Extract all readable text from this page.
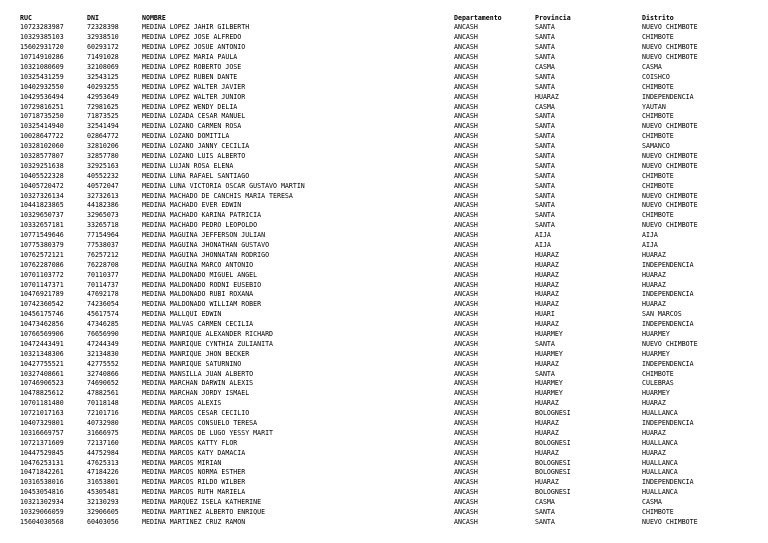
RUC	DNI	NOMBRE	Departamento	Provincia	Distrito
10723283987	72328398	MEDINA LOPEZ JAHIR GILBERTH	ANCASH	SANTA	NUEVO CHIMBOTE
10329385103	32938510	MEDINA LOPEZ JOSE ALFREDO	ANCASH	SANTA	CHIMBOTE
15602931720	60293172	MEDINA LOPEZ JOSUE ANTONIO	ANCASH	SANTA	NUEVO CHIMBOTE
10714910286	71491028	MEDINA LOPEZ MARIA PAULA	ANCASH	SANTA	NUEVO CHIMBOTE
10321080609	32108069	MEDINA LOPEZ ROBERTO JOSE	ANCASH	CASMA	CASMA
10325431259	32543125	MEDINA LOPEZ RUBEN DANTE	ANCASH	SANTA	COISHCO
10402932550	40293255	MEDINA LOPEZ WALTER JAVIER	ANCASH	SANTA	CHIMBOTE
10429536494	42953649	MEDINA LOPEZ WALTER JUNIOR	ANCASH	HUARAZ	INDEPENDENCIA
10729816251	72981625	MEDINA LOPEZ WENDY DELIA	ANCASH	CASMA	YAUTAN
10718735250	71873525	MEDINA LOZADA CESAR MANUEL	ANCASH	SANTA	CHIMBOTE
10325414940	32541494	MEDINA LOZANO CARMEN ROSA	ANCASH	SANTA	NUEVO CHIMBOTE
10028647722	02864772	MEDINA LOZANO DOMITILA	ANCASH	SANTA	CHIMBOTE
10328102060	32810206	MEDINA LOZANO JANNY CECILIA	ANCASH	SANTA	SAMANCO
10328577807	32857780	MEDINA LOZANO LUIS ALBERTO	ANCASH	SANTA	NUEVO CHIMBOTE
10329251638	32925163	MEDINA LUJAN ROSA ELENA	ANCASH	SANTA	NUEVO CHIMBOTE
10405522328	40552232	MEDINA LUNA RAFAEL SANTIAGO	ANCASH	SANTA	CHIMBOTE
10405720472	40572047	MEDINA LUNA VICTORIA OSCAR GUSTAVO MARTIN	ANCASH	SANTA	CHIMBOTE
10327326134	32732613	MEDINA MACHADO DE CANCHIS MARIA TERESA	ANCASH	SANTA	NUEVO CHIMBOTE
10441823865	44182386	MEDINA MACHADO EVER EDWIN	ANCASH	SANTA	NUEVO CHIMBOTE
10329650737	32965073	MEDINA MACHADO KARINA PATRICIA	ANCASH	SANTA	CHIMBOTE
10332657181	33265718	MEDINA MACHADO PEDRO LEOPOLDO	ANCASH	SANTA	NUEVO CHIMBOTE
10771549646	77154964	MEDINA MAGUIÑA JEFFERSON JULIAN	ANCASH	AIJA	AIJA
10775380379	77538037	MEDINA MAGUIÑA JHONATHAN GUSTAVO	ANCASH	AIJA	AIJA
10762572121	76257212	MEDINA MAGUIÑA JHONNATAN RODRIGO	ANCASH	HUARAZ	HUARAZ
10762287086	76228708	MEDINA MAGUIÑA MARCO ANTONIO	ANCASH	HUARAZ	INDEPENDENCIA
10701103772	70110377	MEDINA MALDONADO MIGUEL ANGEL	ANCASH	HUARAZ	HUARAZ
10701147371	70114737	MEDINA MALDONADO RODNI EUSEBIO	ANCASH	HUARAZ	HUARAZ
10476921789	47692178	MEDINA MALDONADO RUBI ROXANA	ANCASH	HUARAZ	INDEPENDENCIA
10742360542	74236054	MEDINA MALDONADO WILLIAM ROBER	ANCASH	HUARAZ	HUARAZ
10456175746	45617574	MEDINA MALLQUI EDWIN	ANCASH	HUARI	SAN MARCOS
10473462856	47346285	MEDINA MALVAS CARMEN CECILIA	ANCASH	HUARAZ	INDEPENDENCIA
10766569906	76656990	MEDINA MANRIQUE ALEXANDER RICHARD	ANCASH	HUARMEY	HUARMEY
10472443491	47244349	MEDINA MANRIQUE CYNTHIA ZULIANITA	ANCASH	SANTA	NUEVO CHIMBOTE
10321348306	32134830	MEDINA MANRIQUE JHON BECKER	ANCASH	HUARMEY	HUARMEY
10427755521	42775552	MEDINA MANRIQUE SATURNINO	ANCASH	HUARAZ	INDEPENDENCIA
10327408661	32740866	MEDINA MANSILLA JUAN ALBERTO	ANCASH	SANTA	CHIMBOTE
10746906523	74690652	MEDINA MARCHAN DARWIN ALEXIS	ANCASH	HUARMEY	CULEBRAS
10478825612	47882561	MEDINA MARCHAN JORDY ISMAEL	ANCASH	HUARMEY	HUARMEY
10701181480	70118148	MEDINA MARCOS ALEXIS	ANCASH	HUARAZ	HUARAZ
10721017163	72101716	MEDINA MARCOS CESAR CECILIO	ANCASH	BOLOGNESI	HUALLANCA
10407329801	40732980	MEDINA MARCOS CONSUELO TERESA	ANCASH	HUARAZ	INDEPENDENCIA
10316669757	31666975	MEDINA MARCOS DE LUGO YESSY MARIT	ANCASH	HUARAZ	HUARAZ
10721371609	72137160	MEDINA MARCOS KATTY FLOR	ANCASH	BOLOGNESI	HUALLANCA
10447529845	44752984	MEDINA MARCOS KATY DAMACIA	ANCASH	HUARAZ	HUARAZ
10476253131	47625313	MEDINA MARCOS MIRIAN	ANCASH	BOLOGNESI	HUALLANCA
10471842261	47184226	MEDINA MARCOS NORMA ESTHER	ANCASH	BOLOGNESI	HUALLANCA
10316538016	31653801	MEDINA MARCOS RILDO WILBER	ANCASH	HUARAZ	INDEPENDENCIA
10453054816	45305481	MEDINA MARCOS RUTH MARIELA	ANCASH	BOLOGNESI	HUALLANCA
10321302934	32130293	MEDINA MARQUEZ ISELA KATHERINE	ANCASH	CASMA	CASMA
10329066059	32906605	MEDINA MARTINEZ ALBERTO ENRIQUE	ANCASH	SANTA	CHIMBOTE
15604030568	60403056	MEDINA MARTINEZ CRUZ RAMON	ANCASH	SANTA	NUEVO CHIMBOTE
